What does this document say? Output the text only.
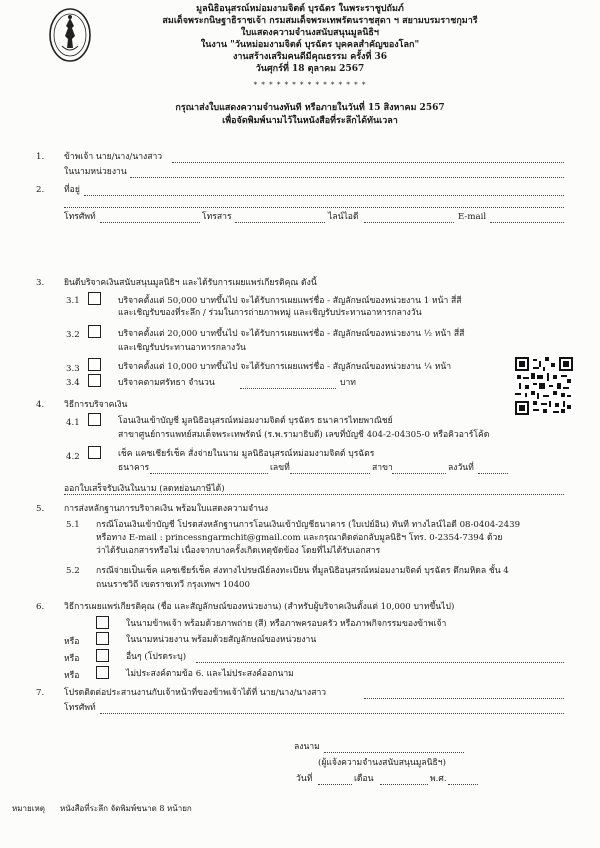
มูลนิธิอนุสรณ์หม่อมงามจิตต์ บุรฉัตร ในพระราชูปถัมภ์
สมเด็จพระกนิษฐาธิราชเจ้า กรมสมเด็จพระเทพรัตนราชสุดา ฯ สยามบรมราชกุมารี
ใบแสดงความจำนงสนับสนุนมูลนิธิฯ
ในงาน "วันหม่อมงามจิตต์ บุรฉัตร บุคคลสำคัญของโลก"
งานสร้างเสริมคนดีมีคุณธรรม ครั้งที่ 36
วันศุกร์ที่ 18 ตุลาคม 2567
* * * * * * * * * * * * * * *
กรุณาส่งใบแสดงความจำนงทันที หรือภายในวันที่ 15 สิงหาคม 2567
เพื่อจัดพิมพ์นามไว้ในหนังสือที่ระลึกได้ทันเวลา
1. ข้าพเจ้า นาย/นาง/นางสาว
ในนามหน่วยงาน
2. ที่อยู่
โทรศัพท์	โทรสาร	ไลน์ไอดี	E-mail
3. ยินดีบริจาคเงินสนับสนุนมูลนิธิฯ และได้รับการเผยแพร่เกียรติคุณ ดังนี้
3.1	บริจาคตั้งแต่ 50,000 บาทขึ้นไป จะได้รับการเผยแพร่ชื่อ - สัญลักษณ์ของหน่วยงาน 1 หน้า สี่สี
และเชิญรับของที่ระลึก / ร่วมในการถ่ายภาพหมู่ และเชิญรับประทานอาหารกลางวัน
3.2	บริจาคตั้งแต่ 20,000 บาทขึ้นไป จะได้รับการเผยแพร่ชื่อ - สัญลักษณ์ของหน่วยงาน ½ หน้า สี่สี
และเชิญรับประทานอาหารกลางวัน
3.3	บริจาคตั้งแต่ 10,000 บาทขึ้นไป จะได้รับการเผยแพร่ชื่อ - สัญลักษณ์ของหน่วยงาน ¼ หน้า
3.4	บริจาคตามศรัทธา จำนวน	บาท
4. วิธีการบริจาคเงิน
4.1	โอนเงินเข้าบัญชี มูลนิธิอนุสรณ์หม่อมงามจิตต์ บุรฉัตร ธนาคารไทยพาณิชย์
สาขาศูนย์การแพทย์สมเด็จพระเทพรัตน์ (ร.พ.รามาธิบดี) เลขที่บัญชี 404-2-04305-0 หรือคิวอาร์โค้ด
4.2	เช็ค แคชเชียร์เช็ค สั่งจ่ายในนาม มูลนิธิอนุสรณ์หม่อมงามจิตต์ บุรฉัตร
ธนาคาร	เลขที่	สาขา	ลงวันที่
ออกใบเสร็จรับเงินในนาม (ลดหย่อนภาษีได้)
5. การส่งหลักฐานการบริจาคเงิน พร้อมใบแสดงความจำนง
5.1 กรณีโอนเงินเข้าบัญชี โปรดส่งหลักฐานการโอนเงินเข้าบัญชีธนาคาร (ใบเปย์อิน) ทันที ทางไลน์ไอดี 08-0404-2439
หรือทาง E-mail : princessngarmchit@gmail.com และกรุณาติดต่อกลับมูลนิธิฯ โทร. 0-2354-7394 ด้วย
ว่าได้รับเอกสารหรือไม่ เนื่องจากบางครั้งเกิดเหตุขัดข้อง โดยที่ไม่ได้รับเอกสาร
5.2 กรณีจ่ายเป็นเช็ค แคชเชียร์เช็ค ส่งทางไปรษณีย์ลงทะเบียน ที่มูลนิธิอนุสรณ์หม่อมงามจิตต์ บุรฉัตร ตึกมหิดล ชั้น 4
ถนนราชวิถี เขตราชเทวี กรุงเทพฯ 10400
6. วิธีการเผยแพร่เกียรติคุณ (ชื่อ และสัญลักษณ์ของหน่วยงาน) (สำหรับผู้บริจาคเงินตั้งแต่ 10,000 บาทขึ้นไป)
ในนามข้าพเจ้า พร้อมด้วยภาพถ่าย (สี) หรือภาพครอบครัว หรือภาพกิจกรรมของข้าพเจ้า
หรือ	ในนามหน่วยงาน พร้อมด้วยสัญลักษณ์ของหน่วยงาน
หรือ	อื่นๆ (โปรดระบุ)
หรือ	ไม่ประสงค์ตามข้อ 6. และไม่ประสงค์ออกนาม
7. โปรดติดต่อประสานงานกับเจ้าหน้าที่ของข้าพเจ้าได้ที่ นาย/นาง/นางสาว
โทรศัพท์
ลงนาม
(ผู้แจ้งความจำนงสนับสนุนมูลนิธิฯ)
วันที่	เดือน	พ.ศ.
หมายเหตุ หนังสือที่ระลึก จัดพิมพ์ขนาด 8 หน้ายก
